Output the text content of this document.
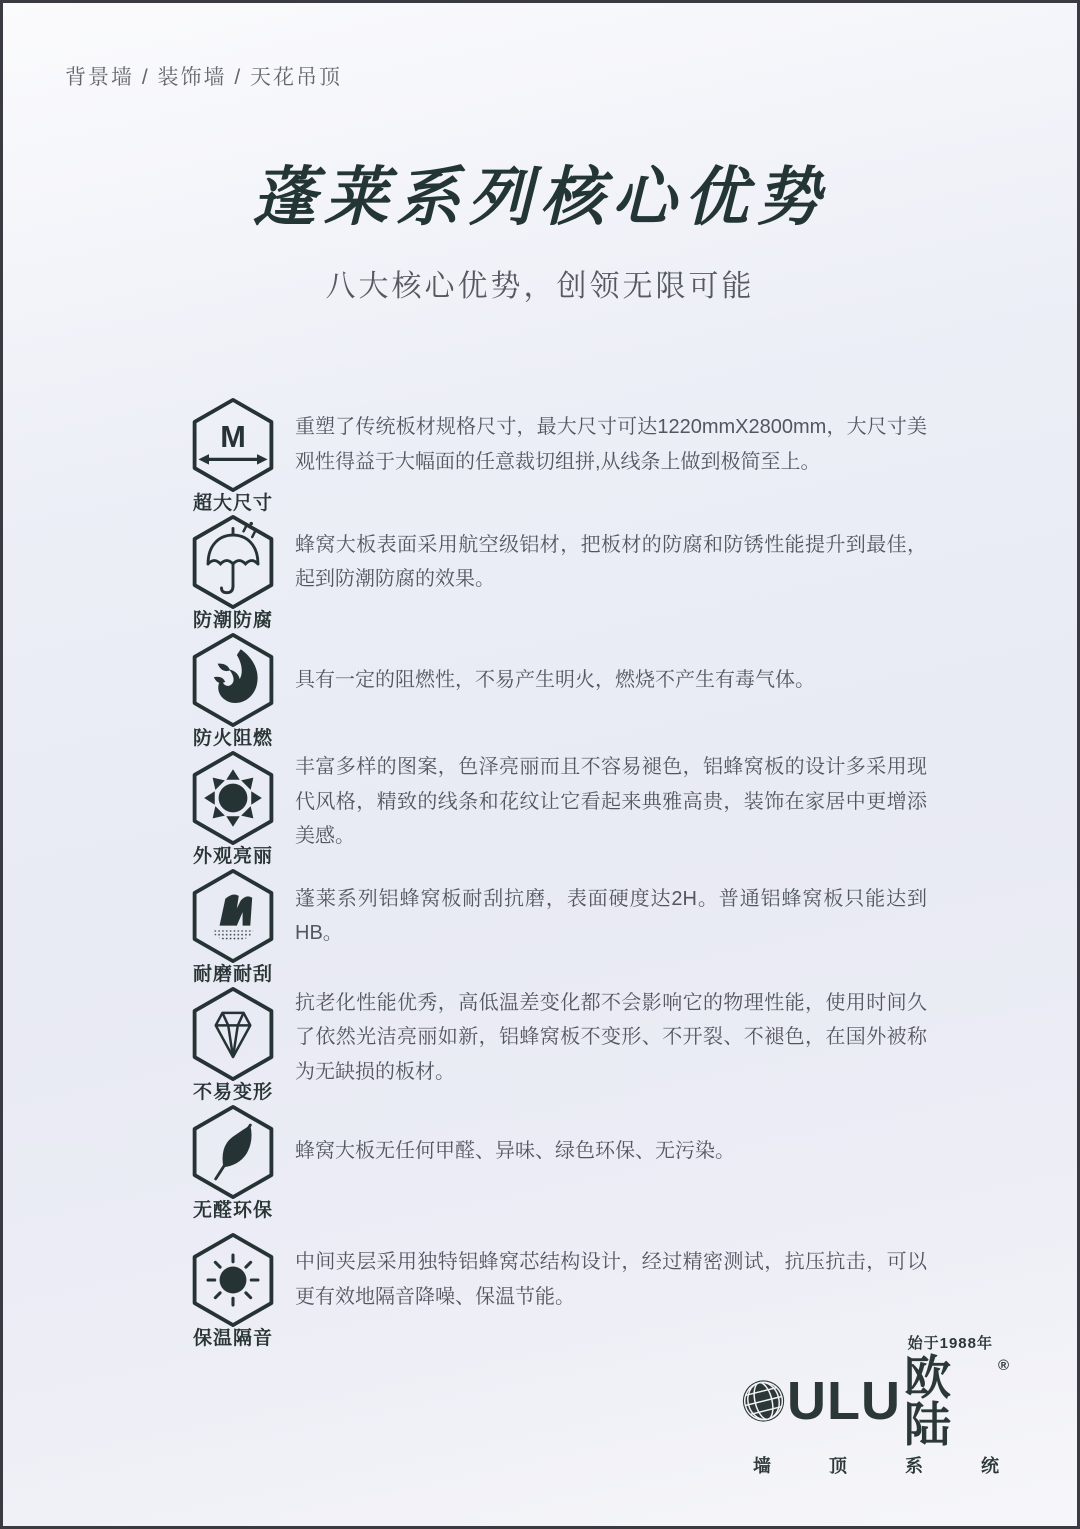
背景墙 / 装饰墙 / 天花吊顶
蓬莱系列核心优势
八大核心优势，创领无限可能
M
超大尺寸
重塑了传统板材规格尺寸，最大尺寸可达1220mmX2800mm，大尺寸美观性得益于大幅面的任意裁切组拼,从线条上做到极简至上。
防潮防腐
蜂窝大板表面采用航空级铝材，把板材的防腐和防锈性能提升到最佳，起到防潮防腐的效果。
防火阻燃
具有一定的阻燃性，不易产生明火，燃烧不产生有毒气体。
外观亮丽
丰富多样的图案，色泽亮丽而且不容易褪色，铝蜂窝板的设计多采用现代风格，精致的线条和花纹让它看起来典雅高贵，装饰在家居中更增添美感。
耐磨耐刮
蓬莱系列铝蜂窝板耐刮抗磨，表面硬度达2H。普通铝蜂窝板只能达到HB。
不易变形
抗老化性能优秀，高低温差变化都不会影响它的物理性能，使用时间久了依然光洁亮丽如新，铝蜂窝板不变形、不开裂、不褪色，在国外被称为无缺损的板材。
无醛环保
蜂窝大板无任何甲醛、异味、绿色环保、无污染。
保温隔音
中间夹层采用独特铝蜂窝芯结构设计，经过精密测试，抗压抗击，可以更有效地隔音降噪、保温节能。
始于1988年
ULU 欧陆
®
墙	顶	系	统
